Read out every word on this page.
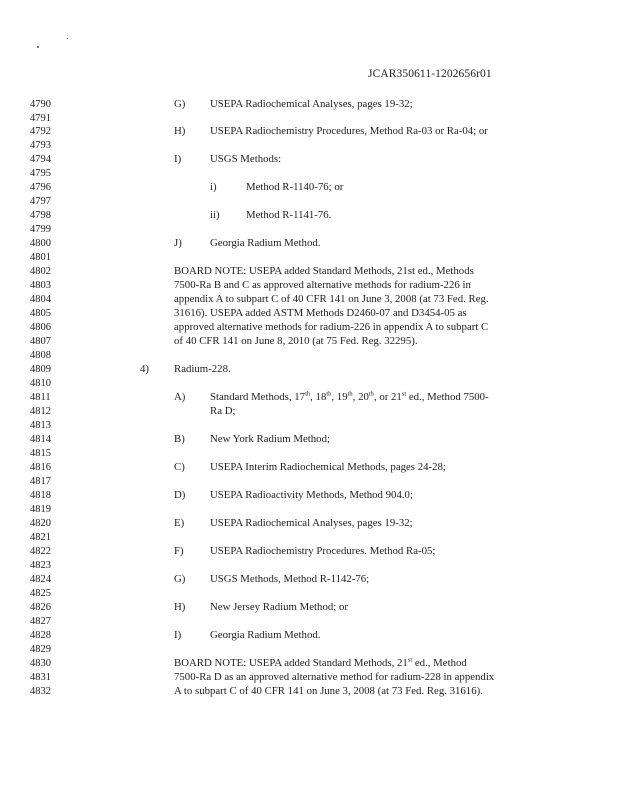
JCAR350611-1202656r01
4790
4791
4792
4793
4794
4795
4796
4797
4798
4799
4800
4801
4802
4803
4804
4805
4806
4807
4808
4809
4810
4811
4812
4813
4814
4815
4816
4817
4818
4819
4820
4821
4822
4823
4824
4825
4826
4827
4828
4829
4830
4831
4832
G) USEPA Radiochemical Analyses, pages 19-32;
H) USEPA Radiochemistry Procedures, Method Ra-03 or Ra-04; or
I)	USGS Methods:
i)	Method R-1140-76; or
ii) Method R-1141-76.
J)	Georgia Radium Method.
BOARD NOTE: USEPA added Standard Methods, 21st ed., Methods
7500-Ra B and C as approved alternative methods for radium-226 in
appendix A to subpart C of 40 CFR 141 on June 3, 2008 (at 73 Fed. Reg.
31616). USEPA added ASTM Methods D2460-07 and D3454-05 as
approved alternative methods for radium-226 in appendix A to subpart C
of 40 CFR 141 on June 8, 2010 (at 75 Fed. Reg. 32295).
4) Radium-228.
A) Standard Methods, 17th, 18th, 19th, 20th, or 21st ed., Method 7500-
Ra D;
B) New York Radium Method;
C) USEPA Interim Radiochemical Methods, pages 24-28;
D) USEPA Radioactivity Methods, Method 904.0;
E) USEPA Radiochemical Analyses, pages 19-32;
F) USEPA Radiochemistry Procedures. Method Ra-05;
G) USGS Methods, Method R-1142-76;
H) New Jersey Radium Method; or
I)	Georgia Radium Method.
BOARD NOTE: USEPA added Standard Methods, 21st ed., Method
7500-Ra D as an approved alternative method for radium-228 in appendix
A to subpart C of 40 CFR 141 on June 3, 2008 (at 73 Fed. Reg. 31616).
